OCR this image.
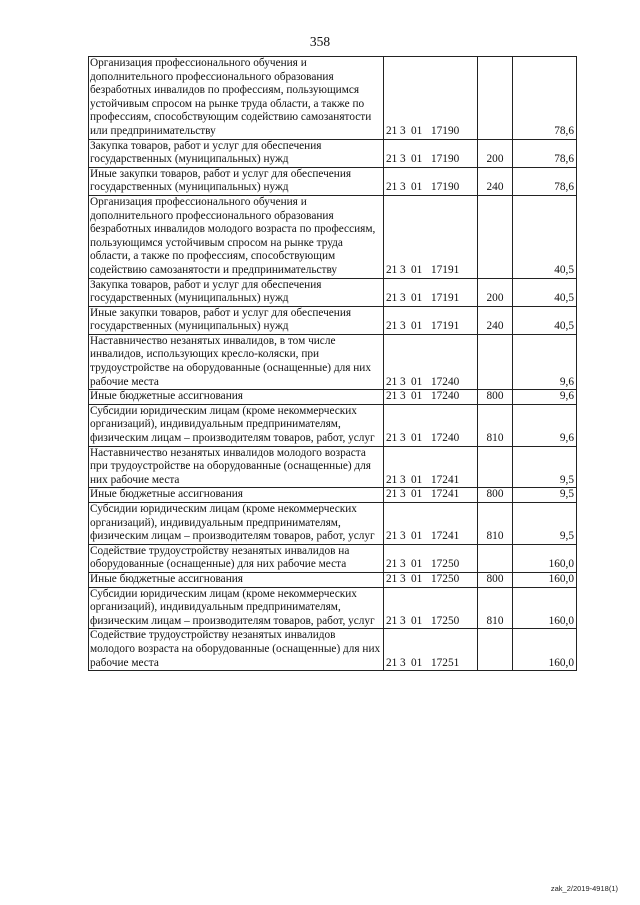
358
Организация профессионального обучения и дополнительного профессионального образования безработных инвалидов по профессиям, пользующимся устойчивым спросом на рынке труда области, а также по профессиям, способствующим содействию самозанятости или предпринимательству	21 3 01 17190		78,6
Закупка товаров, работ и услуг для обеспечения государственных (муниципальных) нужд	21 3 01 17190	200	78,6
Иные закупки товаров, работ и услуг для обеспечения государственных (муниципальных) нужд	21 3 01 17190	240	78,6
Организация профессионального обучения и дополнительного профессионального образования безработных инвалидов молодого возраста по профессиям, пользующимся устойчивым спросом на рынке труда области, а также по профессиям, способствующим содействию самозанятости и предпринимательству	21 3 01 17191		40,5
Закупка товаров, работ и услуг для обеспечения государственных (муниципальных) нужд	21 3 01 17191	200	40,5
Иные закупки товаров, работ и услуг для обеспечения государственных (муниципальных) нужд	21 3 01 17191	240	40,5
Наставничество незанятых инвалидов, в том числе инвалидов, использующих кресло-коляски, при трудоустройстве на оборудованные (оснащенные) для них рабочие места	21 3 01 17240		9,6
Иные бюджетные ассигнования	21 3 01 17240	800	9,6
Субсидии юридическим лицам (кроме некоммерческих организаций), индивидуальным предпринимателям, физическим лицам – производителям товаров, работ, услуг	21 3 01 17240	810	9,6
Наставничество незанятых инвалидов молодого возраста при трудоустройстве на оборудованные (оснащенные) для них рабочие места	21 3 01 17241		9,5
Иные бюджетные ассигнования	21 3 01 17241	800	9,5
Субсидии юридическим лицам (кроме некоммерческих организаций), индивидуальным предпринимателям, физическим лицам – производителям товаров, работ, услуг	21 3 01 17241	810	9,5
Содействие трудоустройству незанятых инвалидов на оборудованные (оснащенные) для них рабочие места	21 3 01 17250		160,0
Иные бюджетные ассигнования	21 3 01 17250	800	160,0
Субсидии юридическим лицам (кроме некоммерческих организаций), индивидуальным предпринимателям, физическим лицам – производителям товаров, работ, услуг	21 3 01 17250	810	160,0
Содействие трудоустройству незанятых инвалидов молодого возраста на оборудованные (оснащенные) для них рабочие места	21 3 01 17251		160,0
zak_2/2019-4918(1)
